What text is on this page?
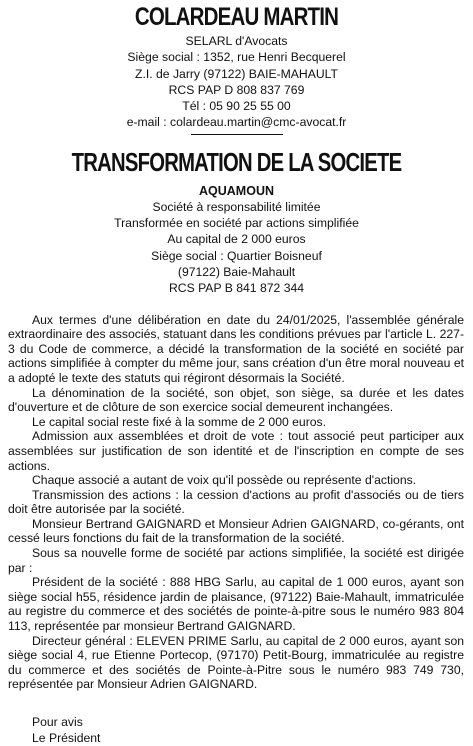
COLARDEAU MARTIN
SELARL d'Avocats
Siège social : 1352, rue Henri Becquerel
Z.I. de Jarry (97122) BAIE-MAHAULT
RCS PAP D 808 837 769
Tél : 05 90 25 55 00
e-mail : colardeau.martin@cmc-avocat.fr
TRANSFORMATION DE LA SOCIETE
AQUAMOUN
Société à responsabilité limitée
Transformée en société par actions simplifiée
Au capital de 2 000 euros
Siège social : Quartier Boisneuf
(97122) Baie-Mahault
RCS PAP B 841 872 344

Aux termes d'une délibération en date du 24/01/2025, l'assemblée générale extraordinaire des associés, statuant dans les conditions prévues par l'article L. 227-3 du Code de commerce, a décidé la transformation de la société en société par actions simplifiée à compter du même jour, sans création d'un être moral nouveau et a adopté le texte des statuts qui régiront désormais la Société.

La dénomination de la société, son objet, son siège, sa durée et les dates d'ouverture et de clôture de son exercice social demeurent inchangées.

Le capital social reste fixé à la somme de 2 000 euros.

Admission aux assemblées et droit de vote : tout associé peut participer aux assemblées sur justification de son identité et de l'inscription en compte de ses actions.

Chaque associé a autant de voix qu'il possède ou représente d'actions.

Transmission des actions : la cession d'actions au profit d'associés ou de tiers doit être autorisée par la société.

Monsieur Bertrand GAIGNARD et Monsieur Adrien GAIGNARD, co-gérants, ont cessé leurs fonctions du fait de la transformation de la société.

Sous sa nouvelle forme de société par actions simplifiée, la société est dirigée par :

Président de la société : 888 HBG Sarlu, au capital de 1 000 euros, ayant son siège social h55, résidence jardin de plaisance, (97122) Baie-Mahault, immatriculée au registre du commerce et des sociétés de pointe-à-pitre sous le numéro 983 804 113, représentée par monsieur Bertrand GAIGNARD.

Directeur général : ELEVEN PRIME Sarlu, au capital de 2 000 euros, ayant son siège social 4, rue Etienne Portecop, (97170) Petit-Bourg, immatriculée au registre du commerce et des sociétés de Pointe-à-Pitre sous le numéro 983 749 730, représentée par Monsieur Adrien GAIGNARD.

Pour avis
Le Président
